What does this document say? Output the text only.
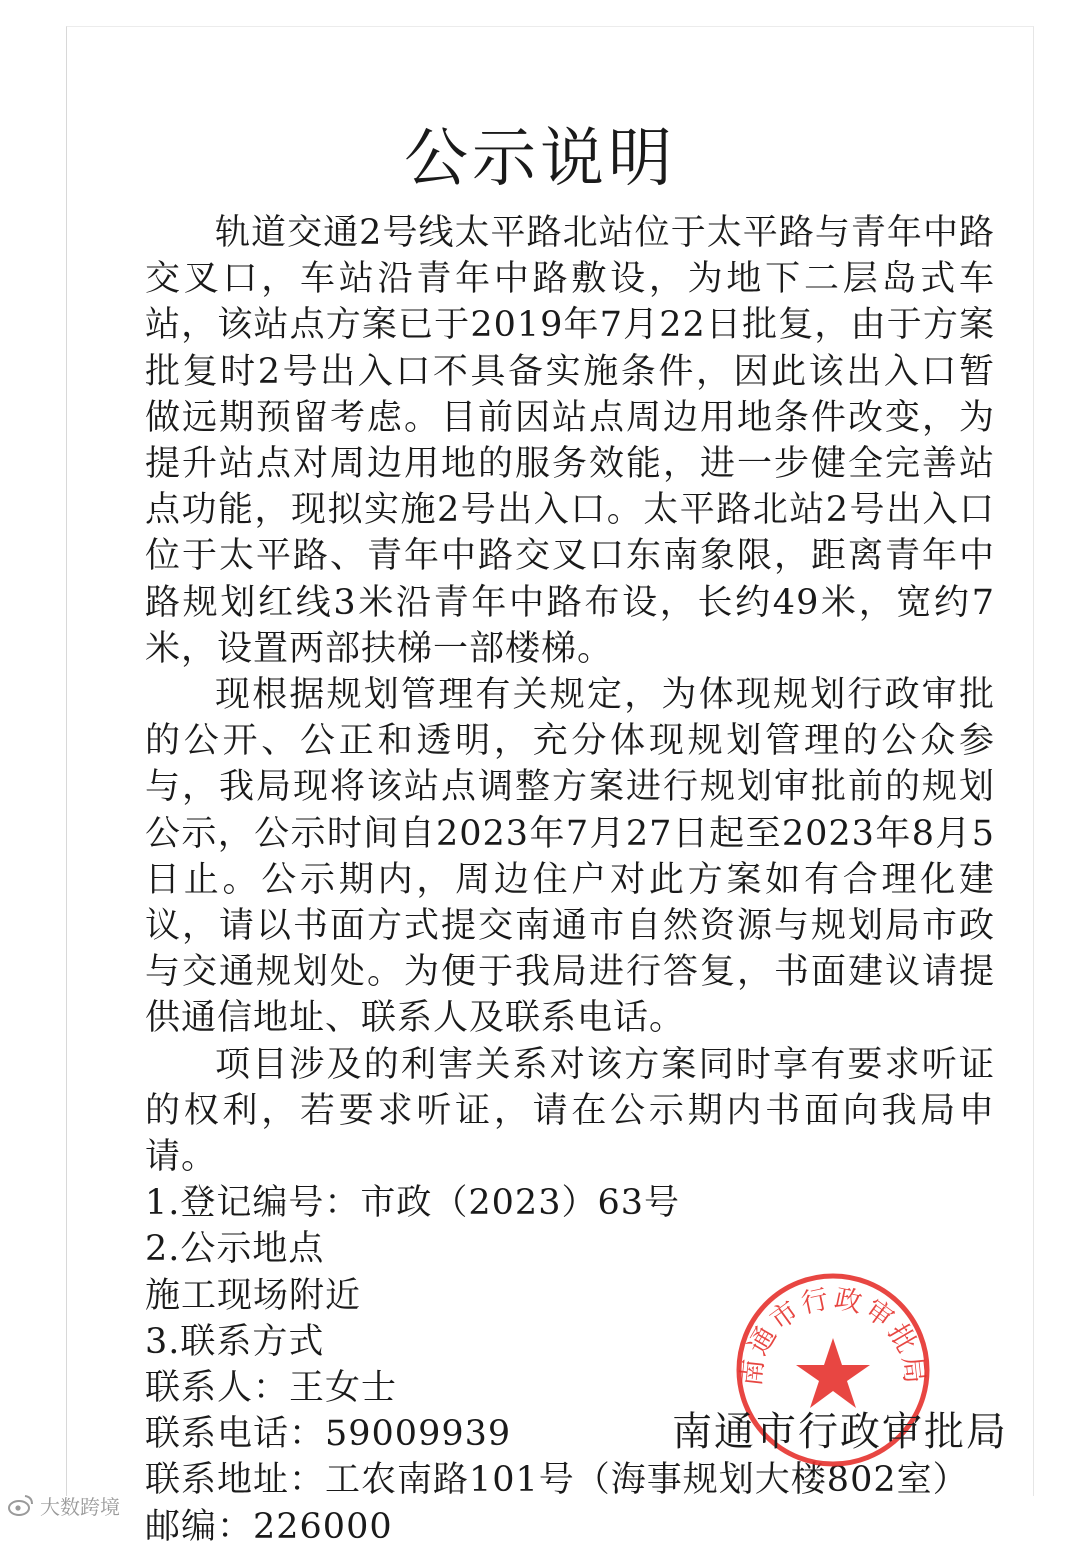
公示说明

轨道交通2号线太平路北站位于太平路与青年中路交叉口，车站沿青年中路敷设，为地下二层岛式车站，该站点方案已于2019年7月22日批复，由于方案批复时2号出入口不具备实施条件，因此该出入口暂做远期预留考虑。目前因站点周边用地条件改变，为提升站点对周边用地的服务效能，进一步健全完善站点功能，现拟实施2号出入口。太平路北站2号出入口位于太平路、青年中路交叉口东南象限，距离青年中路规划红线3米沿青年中路布设，长约49米，宽约7米，设置两部扶梯一部楼梯。

现根据规划管理有关规定，为体现规划行政审批的公开、公正和透明，充分体现规划管理的公众参与，我局现将该站点调整方案进行规划审批前的规划公示，公示时间自2023年7月27日起至2023年8月5日止。公示期内，周边住户对此方案如有合理化建议，请以书面方式提交南通市自然资源与规划局市政与交通规划处。为便于我局进行答复，书面建议请提供通信地址、联系人及联系电话。

项目涉及的利害关系对该方案同时享有要求听证的权利，若要求听证，请在公示期内书面向我局申请。

1.登记编号：市政（2023）63号

2.公示地点

施工现场附近

3.联系方式

联系人：王女士

联系电话：59009939

联系地址：工农南路101号（海事规划大楼802室）

邮编：226000

南通市行政审批局
南通市行政审批局
大数跨境
